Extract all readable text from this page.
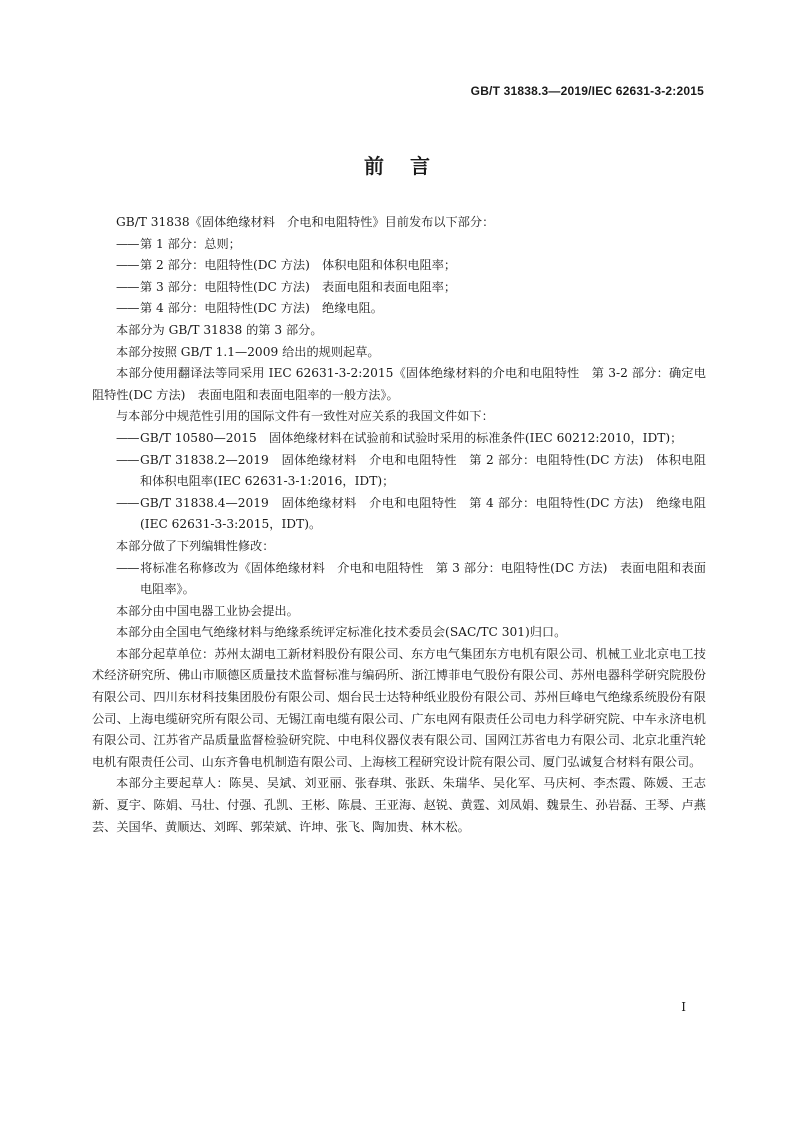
GB/T 31838.3—2019/IEC 62631-3-2:2015
前言

GB/T 31838《固体绝缘材料　介电和电阻特性》目前发布以下部分：

—— 第 1 部分：总则；
—— 第 2 部分：电阻特性(DC 方法)　体积电阻和体积电阻率；
—— 第 3 部分：电阻特性(DC 方法)　表面电阻和表面电阻率；
—— 第 4 部分：电阻特性(DC 方法)　绝缘电阻。

本部分为 GB/T 31838 的第 3 部分。

本部分按照 GB/T 1.1—2009 给出的规则起草。

本部分使用翻译法等同采用 IEC 62631-3-2:2015《固体绝缘材料的介电和电阻特性　第 3-2 部分：确定电阻特性(DC 方法)　表面电阻和表面电阻率的一般方法》。

与本部分中规范性引用的国际文件有一致性对应关系的我国文件如下：

—— GB/T 10580—2015　固体绝缘材料在试验前和试验时采用的标准条件(IEC 60212:2010，IDT)；
—— GB/T 31838.2—2019　固体绝缘材料　介电和电阻特性　第 2 部分：电阻特性(DC 方法)　体积电阻和体积电阻率(IEC 62631-3-1:2016，IDT)；
—— GB/T 31838.4—2019　固体绝缘材料　介电和电阻特性　第 4 部分：电阻特性(DC 方法)　绝缘电阻(IEC 62631-3-3:2015，IDT)。

本部分做了下列编辑性修改：

—— 将标准名称修改为《固体绝缘材料　介电和电阻特性　第 3 部分：电阻特性(DC 方法)　表面电阻和表面电阻率》。

本部分由中国电器工业协会提出。

本部分由全国电气绝缘材料与绝缘系统评定标准化技术委员会(SAC/TC 301)归口。

本部分起草单位：苏州太湖电工新材料股份有限公司、东方电气集团东方电机有限公司、机械工业北京电工技术经济研究所、佛山市顺德区质量技术监督标准与编码所、浙江博菲电气股份有限公司、苏州电器科学研究院股份有限公司、四川东材科技集团股份有限公司、烟台民士达特种纸业股份有限公司、苏州巨峰电气绝缘系统股份有限公司、上海电缆研究所有限公司、无锡江南电缆有限公司、广东电网有限责任公司电力科学研究院、中车永济电机有限公司、江苏省产品质量监督检验研究院、中电科仪器仪表有限公司、国网江苏省电力有限公司、北京北重汽轮电机有限责任公司、山东齐鲁电机制造有限公司、上海核工程研究设计院有限公司、厦门弘诚复合材料有限公司。

本部分主要起草人：陈昊、吴斌、刘亚丽、张春琪、张跃、朱瑞华、吴化军、马庆柯、李杰霞、陈媛、王志新、夏宇、陈娟、马壮、付强、孔凯、王彬、陈晨、王亚海、赵锐、黄霆、刘凤娟、魏景生、孙岩磊、王琴、卢燕芸、关国华、黄顺达、刘晖、郭荣斌、许坤、张飞、陶加贵、林木松。

I
